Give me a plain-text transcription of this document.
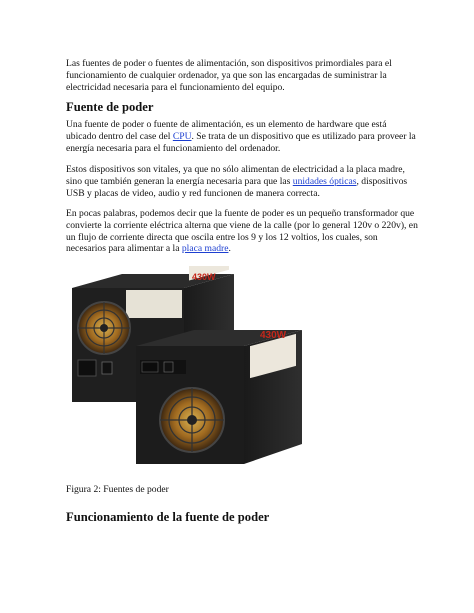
Las fuentes de poder o fuentes de alimentación, son dispositivos primordiales para el funcionamiento de cualquier ordenador, ya que son las encargadas de suministrar la electricidad necesaria para el funcionamiento del equipo.

Fuente de poder

Una fuente de poder o fuente de alimentación, es un elemento de hardware que está ubicado dentro del case del CPU. Se trata de un dispositivo que es utilizado para proveer la energía necesaria para el funcionamiento del ordenador.

Estos dispositivos son vitales, ya que no sólo alimentan de electricidad a la placa madre, sino que también generan la energía necesaria para que las unidades ópticas, dispositivos USB y placas de video, audio y red funcionen de manera correcta.

En pocas palabras, podemos decir que la fuente de poder es un pequeño transformador que convierte la corriente eléctrica alterna que viene de la calle (por lo general 120v o 220v), en un flujo de corriente directa que oscila entre los 9 y los 12 voltios, los cuales, son necesarios para alimentar a la placa madre.

430W
430W
Figura 2: Fuentes de poder
Funcionamiento de la fuente de poder
